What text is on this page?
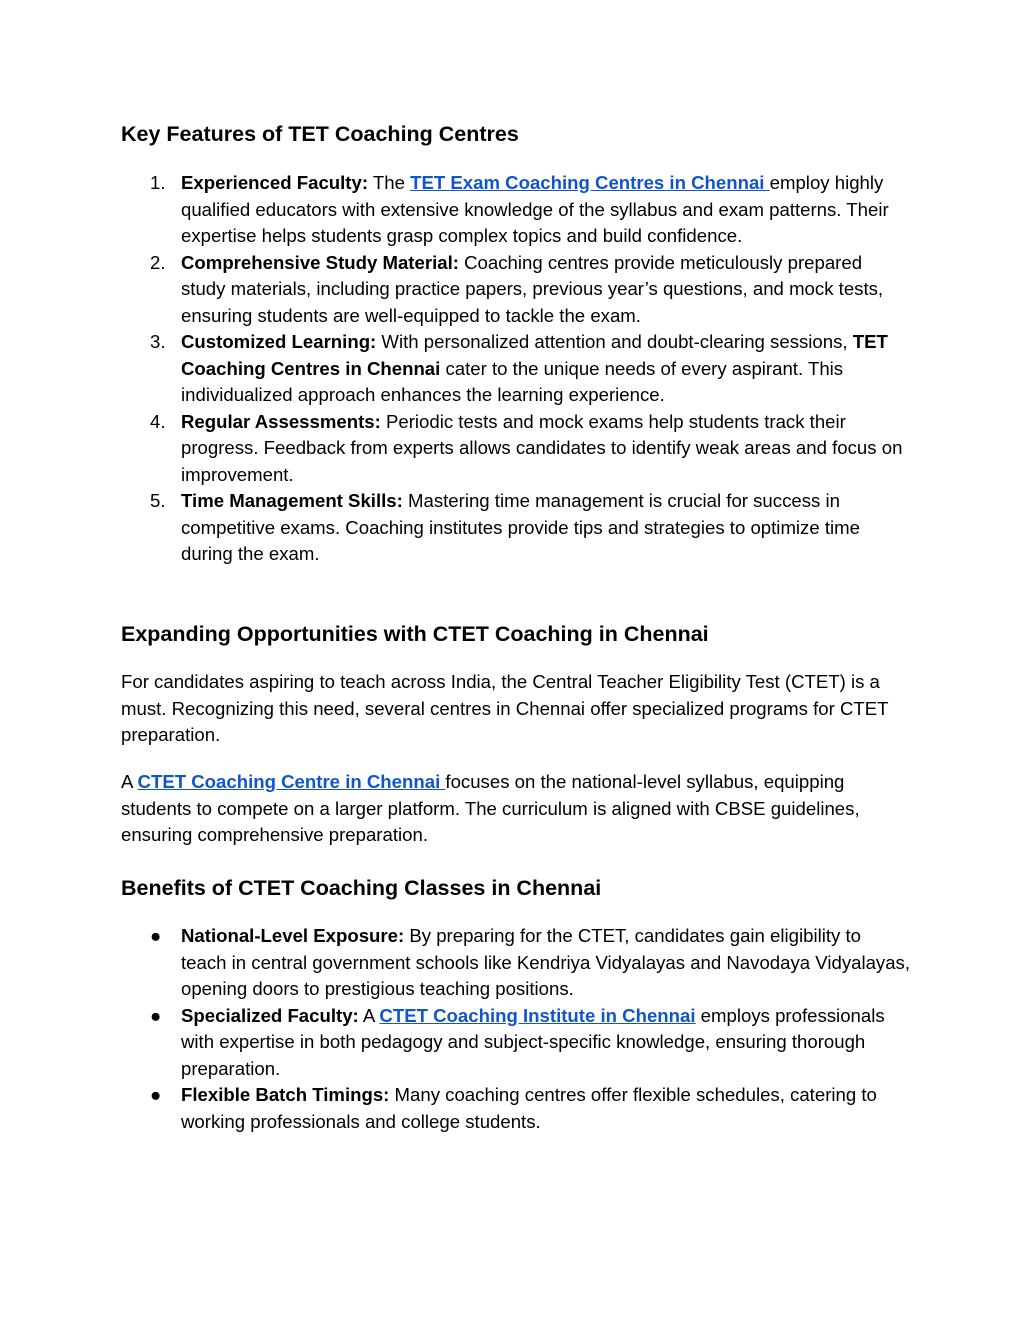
Key Features of TET Coaching Centres
1. Experienced Faculty: The TET Exam Coaching Centres in Chennai employ highly qualified educators with extensive knowledge of the syllabus and exam patterns. Their expertise helps students grasp complex topics and build confidence.
2. Comprehensive Study Material: Coaching centres provide meticulously prepared study materials, including practice papers, previous year’s questions, and mock tests, ensuring students are well-equipped to tackle the exam.
3. Customized Learning: With personalized attention and doubt-clearing sessions, TET Coaching Centres in Chennai cater to the unique needs of every aspirant. This individualized approach enhances the learning experience.
4. Regular Assessments: Periodic tests and mock exams help students track their progress. Feedback from experts allows candidates to identify weak areas and focus on improvement.
5. Time Management Skills: Mastering time management is crucial for success in competitive exams. Coaching institutes provide tips and strategies to optimize time during the exam.
Expanding Opportunities with CTET Coaching in Chennai

For candidates aspiring to teach across India, the Central Teacher Eligibility Test (CTET) is a must. Recognizing this need, several centres in Chennai offer specialized programs for CTET preparation.

A CTET Coaching Centre in Chennai focuses on the national-level syllabus, equipping students to compete on a larger platform. The curriculum is aligned with CBSE guidelines, ensuring comprehensive preparation.

Benefits of CTET Coaching Classes in Chennai
● National-Level Exposure: By preparing for the CTET, candidates gain eligibility to teach in central government schools like Kendriya Vidyalayas and Navodaya Vidyalayas, opening doors to prestigious teaching positions.
● Specialized Faculty: A CTET Coaching Institute in Chennai employs professionals with expertise in both pedagogy and subject-specific knowledge, ensuring thorough preparation.
● Flexible Batch Timings: Many coaching centres offer flexible schedules, catering to working professionals and college students.
